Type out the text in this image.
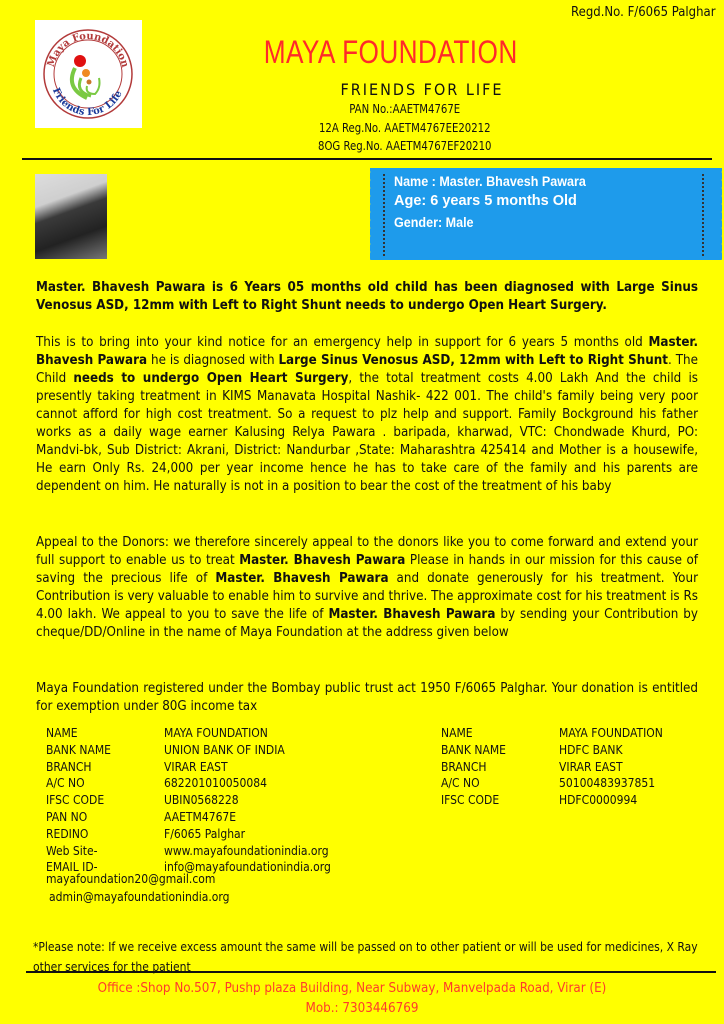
Regd.No. F/6065 Palghar
Maya Foundation
Friends For Life
MAYA FOUNDATION
FRIENDS FOR LIFE
PAN No.:AAETM4767E
12A Reg.No. AAETM4767EE20212
8OG Reg.No. AAETM4767EF20210
Name : Master. Bhavesh Pawara
Age: 6 years 5 months Old
Gender: Male
Master. Bhavesh Pawara is 6 Years 05 months old child has been diagnosed with Large Sinus Venosus ASD, 12mm with Left to Right Shunt needs to undergo Open Heart Surgery.
This is to bring into your kind notice for an emergency help in support for 6 years 5 months old Master. Bhavesh Pawara he is diagnosed with Large Sinus Venosus ASD, 12mm with Left to Right Shunt. The Child needs to undergo Open Heart Surgery, the total treatment costs 4.00 Lakh And the child is presently taking treatment in KIMS Manavata Hospital Nashik- 422 001. The child's family being very poor cannot afford for high cost treatment. So a request to plz help and support. Family Bockground his father works as a daily wage earner Kalusing Relya Pawara . baripada, kharwad, VTC: Chondwade Khurd, PO: Mandvi-bk, Sub District: Akrani, District: Nandurbar ,State: Maharashtra 425414 and Mother is a housewife, He earn Only Rs. 24,000 per year income hence he has to take care of the family and his parents are dependent on him. He naturally is not in a position to bear the cost of the treatment of his baby
Appeal to the Donors: we therefore sincerely appeal to the donors like you to come forward and extend your full support to enable us to treat Master. Bhavesh Pawara Please in hands in our mission for this cause of saving the precious life of Master. Bhavesh Pawara and donate generously for his treatment. Your Contribution is very valuable to enable him to survive and thrive. The approximate cost for his treatment is Rs 4.00 lakh. We appeal to you to save the life of Master. Bhavesh Pawara by sending your Contribution by cheque/DD/Online in the name of Maya Foundation at the address given below
Maya Foundation registered under the Bombay public trust act 1950 F/6065 Palghar. Your donation is entitled for exemption under 80G income tax
NAME	MAYA FOUNDATION
BANK NAME	UNION BANK OF INDIA
BRANCH	VIRAR EAST
A/C NO	682201010050084
IFSC CODE	UBIN0568228
PAN NO	AAETM4767E
REDINO	F/6065 Palghar
Web Site-	www.mayafoundationindia.org
EMAIL ID-	info@mayafoundationindia.org
NAME	MAYA FOUNDATION
BANK NAME	HDFC BANK
BRANCH	VIRAR EAST
A/C NO	50100483937851
IFSC CODE	HDFC0000994
mayafoundation20@gmail.com
admin@mayafoundationindia.org
*Please note: If we receive excess amount the same will be passed on to other patient or will be used for medicines, X Ray other services for the patient
Office :Shop No.507, Pushp plaza Building, Near Subway, Manvelpada Road, Virar (E)
Mob.: 7303446769
